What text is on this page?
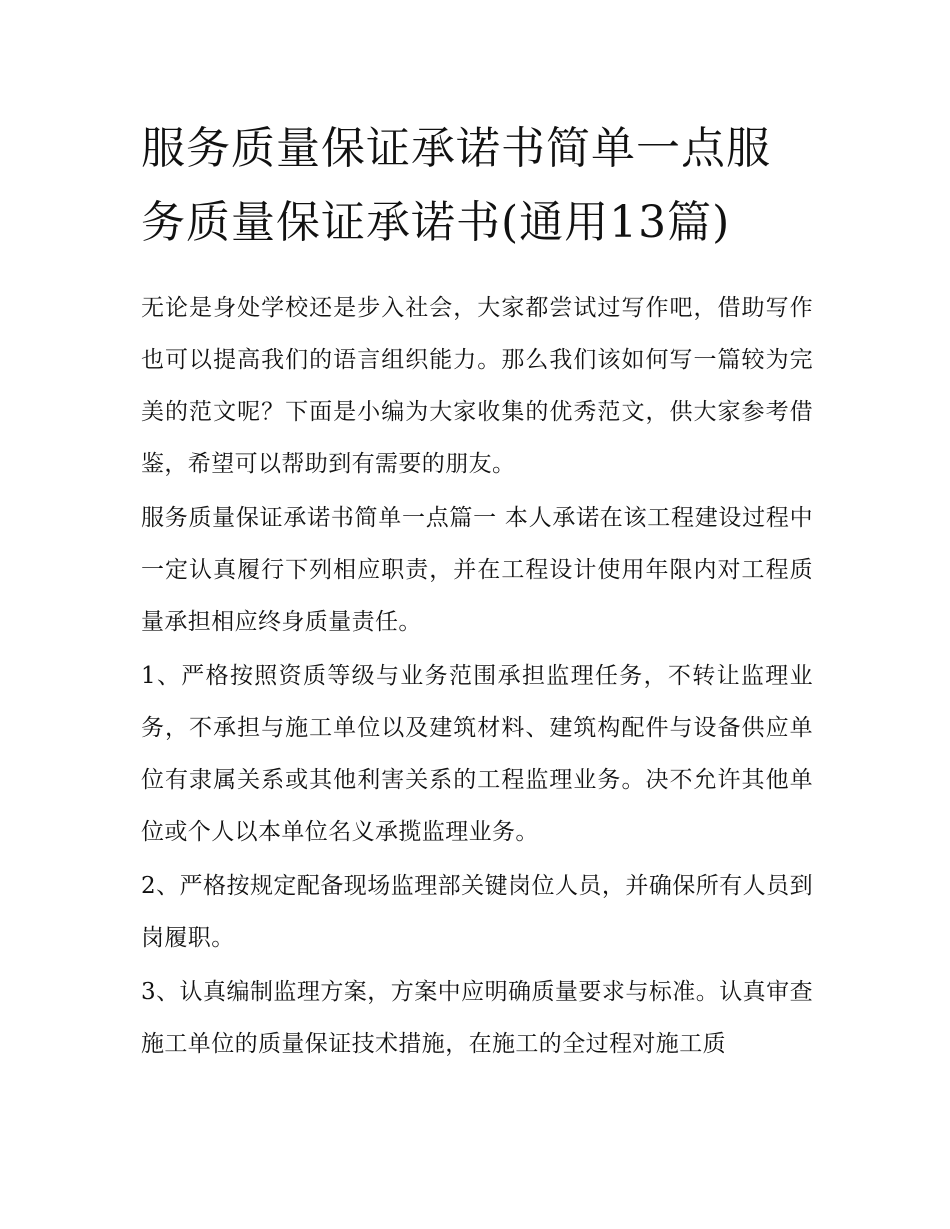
服务质量保证承诺书简单一点服务质量保证承诺书(通用13篇)

无论是身处学校还是步入社会，大家都尝试过写作吧，借助写作也可以提高我们的语言组织能力。那么我们该如何写一篇较为完美的范文呢？下面是小编为大家收集的优秀范文，供大家参考借鉴，希望可以帮助到有需要的朋友。

服务质量保证承诺书简单一点篇一 本人承诺在该工程建设过程中一定认真履行下列相应职责，并在工程设计使用年限内对工程质量承担相应终身质量责任。

1、严格按照资质等级与业务范围承担监理任务，不转让监理业务，不承担与施工单位以及建筑材料、建筑构配件与设备供应单位有隶属关系或其他利害关系的工程监理业务。决不允许其他单位或个人以本单位名义承揽监理业务。

2、严格按规定配备现场监理部关键岗位人员，并确保所有人员到岗履职。

3、认真编制监理方案，方案中应明确质量要求与标准。认真审查施工单位的质量保证技术措施，在施工的全过程对施工质
